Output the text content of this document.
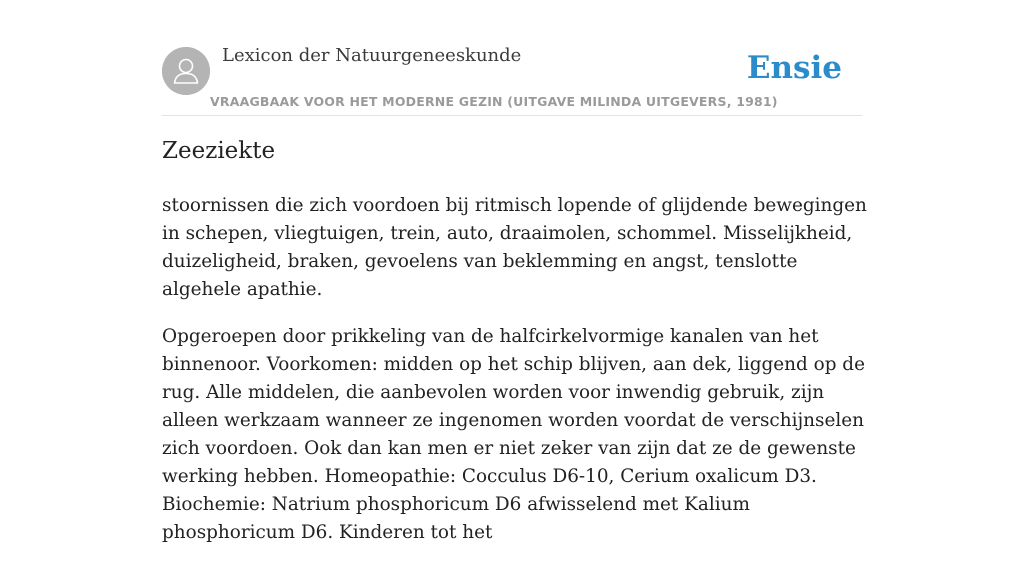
Lexicon der Natuurgeneeskunde
VRAAGBAAK VOOR HET MODERNE GEZIN (UITGAVE MILINDA UITGEVERS, 1981)
Ensie
Zeeziekte

stoornissen die zich voordoen bij ritmisch lopende of glijdende bewegingen in schepen, vliegtuigen, trein, auto, draaimolen, schommel. Misselijkheid, duizeligheid, braken, gevoelens van beklemming en angst, tenslotte algehele apathie.

Opgeroepen door prikkeling van de halfcirkelvormige kanalen van het binnenoor. Voorkomen: midden op het schip blijven, aan dek, liggend op de rug. Alle middelen, die aanbevolen worden voor inwendig gebruik, zijn alleen werkzaam wanneer ze ingenomen worden voordat de verschijnselen zich voordoen. Ook dan kan men er niet zeker van zijn dat ze de gewenste werking hebben. Homeopathie: Cocculus D6-10, Cerium oxalicum D3. Biochemie: Natrium phosphoricum D6 afwisselend met Kalium phosphoricum D6. Kinderen tot het
